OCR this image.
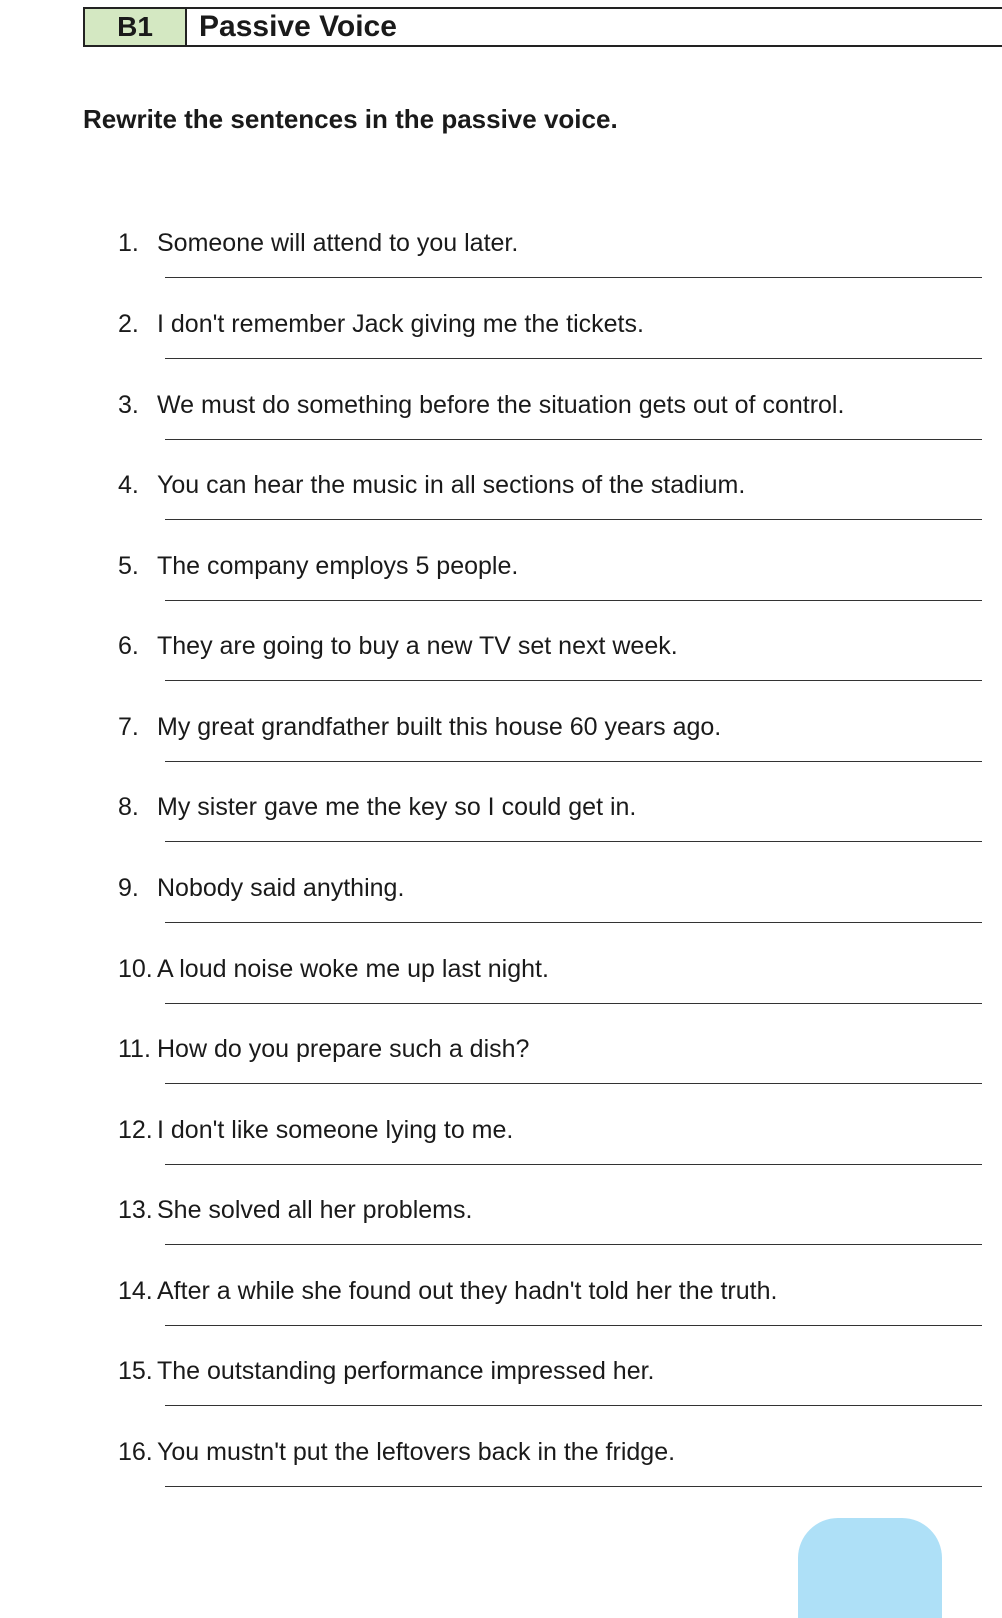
B1	Passive Voice
Rewrite the sentences in the passive voice.
1. Someone will attend to you later.
2. I don't remember Jack giving me the tickets.
3. We must do something before the situation gets out of control.
4. You can hear the music in all sections of the stadium.
5. The company employs 5 people.
6. They are going to buy a new TV set next week.
7. My great grandfather built this house 60 years ago.
8. My sister gave me the key so I could get in.
9. Nobody said anything.
10. A loud noise woke me up last night.
11. How do you prepare such a dish?
12. I don't like someone lying to me.
13. She solved all her problems.
14. After a while she found out they hadn't told her the truth.
15. The outstanding performance impressed her.
16. You mustn't put the leftovers back in the fridge.
